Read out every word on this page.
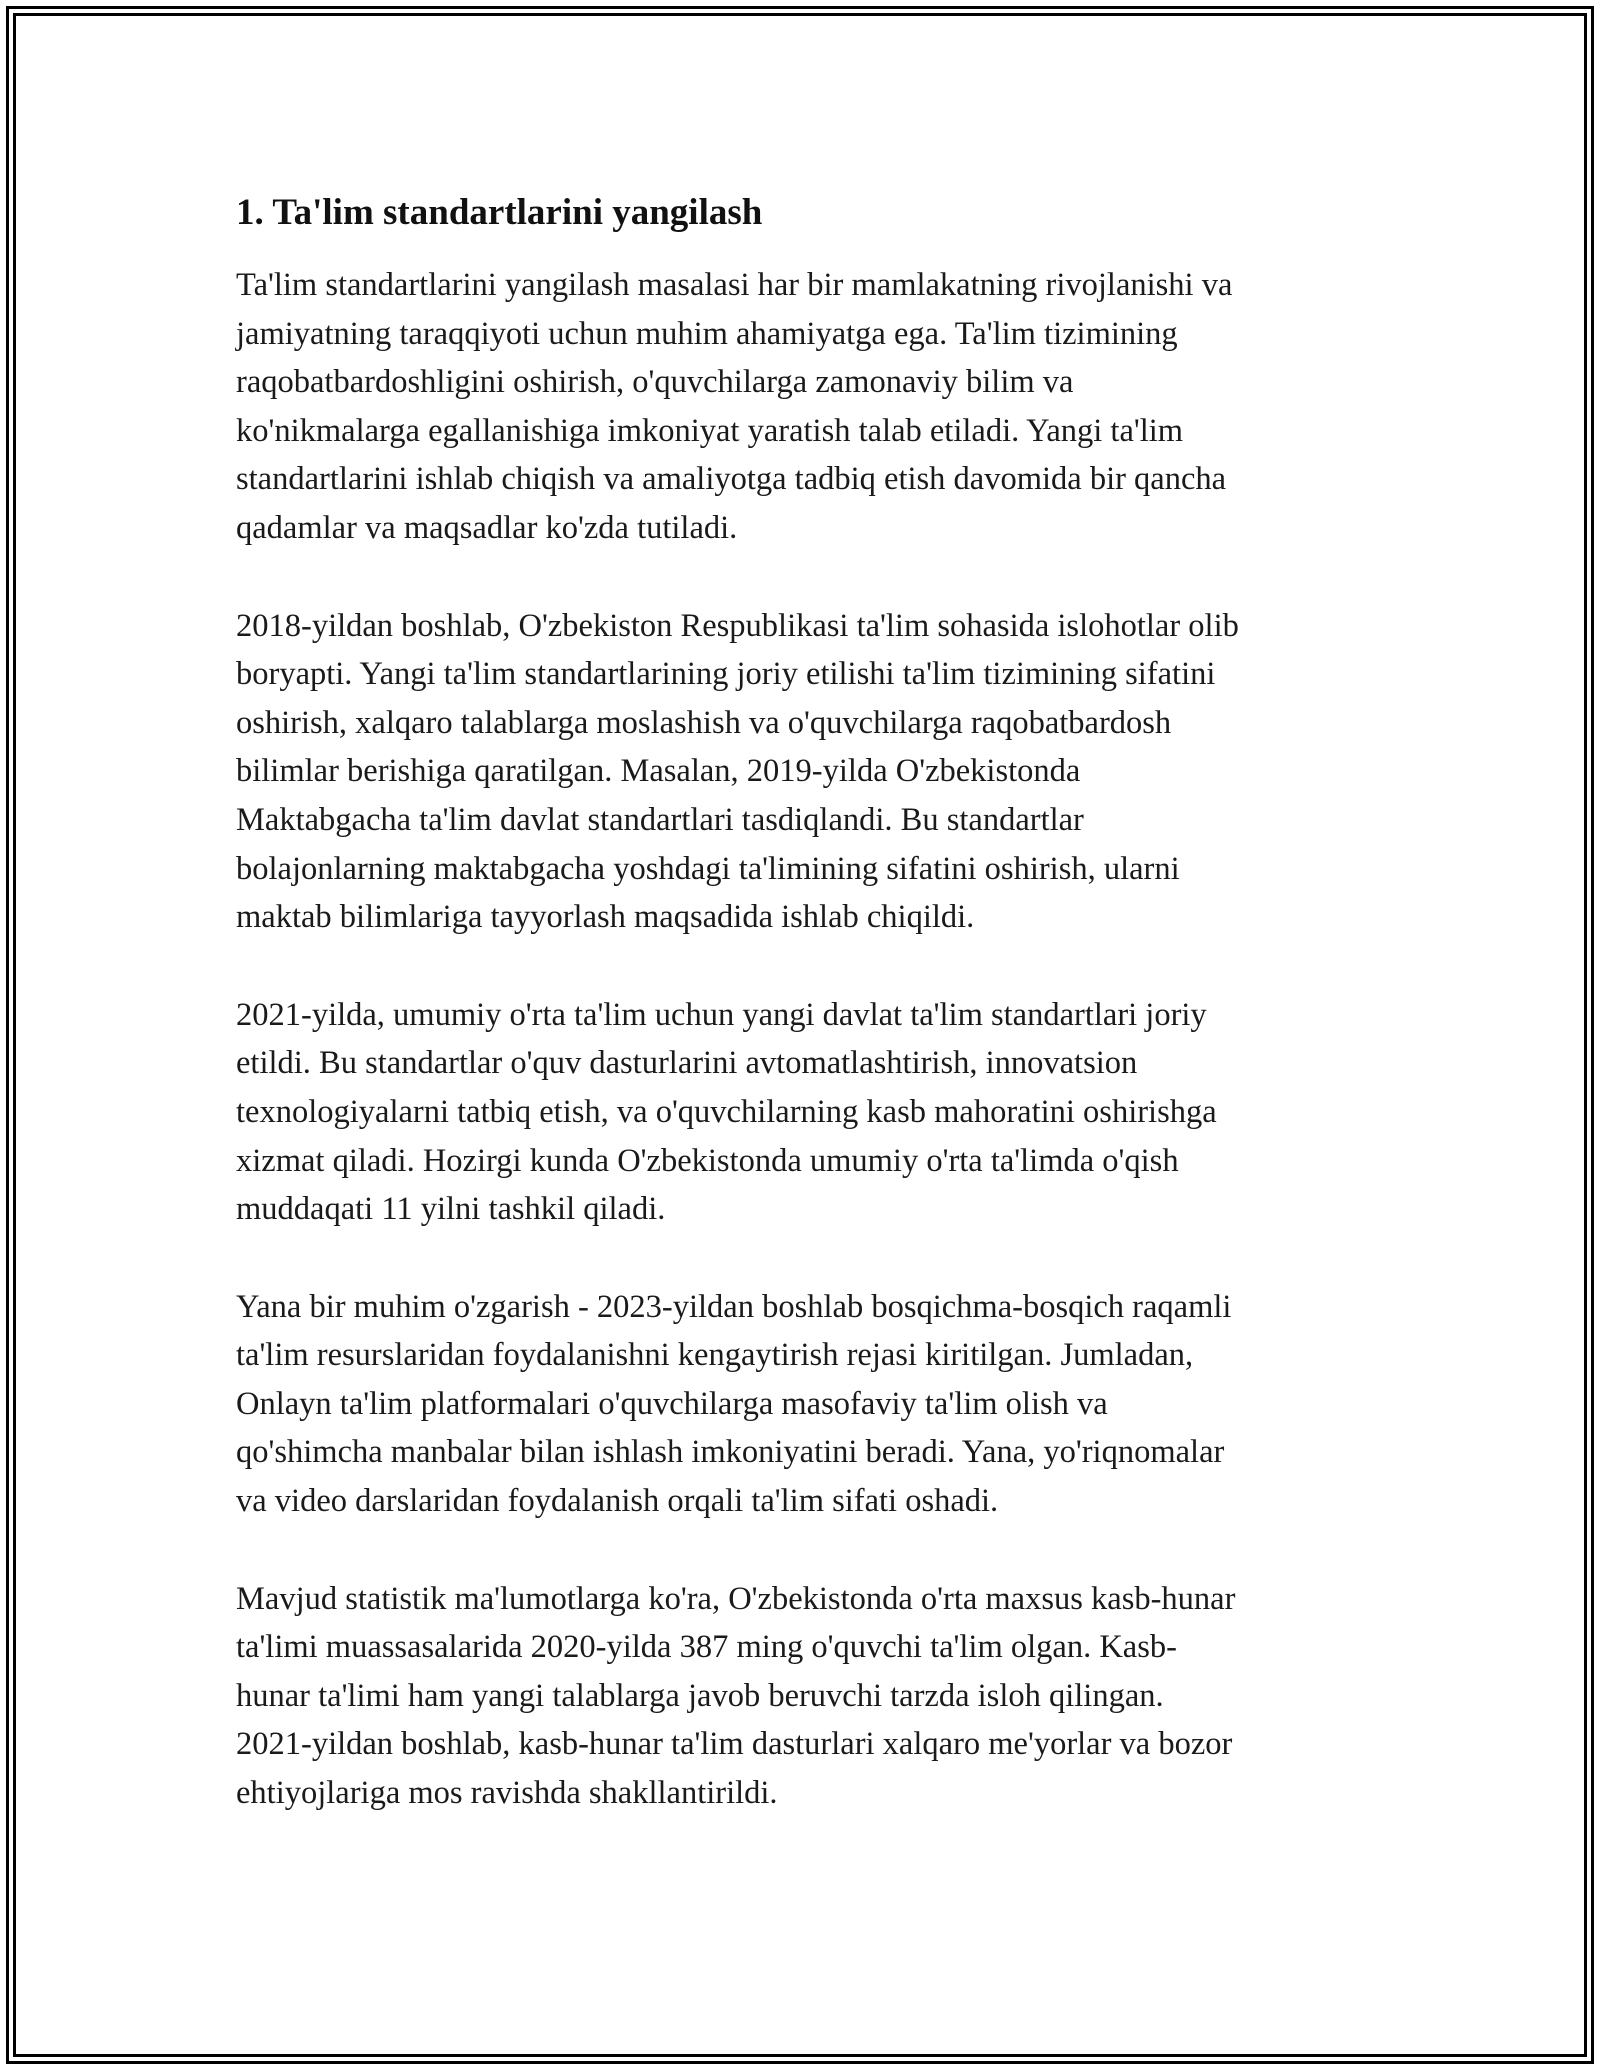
1. Ta'lim standartlarini yangilash
Ta'lim standartlarini yangilash masalasi har bir mamlakatning rivojlanishi va
jamiyatning taraqqiyoti uchun muhim ahamiyatga ega. Ta'lim tizimining
raqobatbardoshligini oshirish, o'quvchilarga zamonaviy bilim va
ko'nikmalarga egallanishiga imkoniyat yaratish talab etiladi. Yangi ta'lim
standartlarini ishlab chiqish va amaliyotga tadbiq etish davomida bir qancha
qadamlar va maqsadlar ko'zda tutiladi.
2018-yildan boshlab, O'zbekiston Respublikasi ta'lim sohasida islohotlar olib
boryapti. Yangi ta'lim standartlarining joriy etilishi ta'lim tizimining sifatini
oshirish, xalqaro talablarga moslashish va o'quvchilarga raqobatbardosh
bilimlar berishiga qaratilgan. Masalan, 2019-yilda O'zbekistonda
Maktabgacha ta'lim davlat standartlari tasdiqlandi. Bu standartlar
bolajonlarning maktabgacha yoshdagi ta'limining sifatini oshirish, ularni
maktab bilimlariga tayyorlash maqsadida ishlab chiqildi.
2021-yilda, umumiy o'rta ta'lim uchun yangi davlat ta'lim standartlari joriy
etildi. Bu standartlar o'quv dasturlarini avtomatlashtirish, innovatsion
texnologiyalarni tatbiq etish, va o'quvchilarning kasb mahoratini oshirishga
xizmat qiladi. Hozirgi kunda O'zbekistonda umumiy o'rta ta'limda o'qish
muddaqati 11 yilni tashkil qiladi.
Yana bir muhim o'zgarish - 2023-yildan boshlab bosqichma-bosqich raqamli
ta'lim resurslaridan foydalanishni kengaytirish rejasi kiritilgan. Jumladan,
Onlayn ta'lim platformalari o'quvchilarga masofaviy ta'lim olish va
qo'shimcha manbalar bilan ishlash imkoniyatini beradi. Yana, yo'riqnomalar
va video darslaridan foydalanish orqali ta'lim sifati oshadi.
Mavjud statistik ma'lumotlarga ko'ra, O'zbekistonda o'rta maxsus kasb-hunar
ta'limi muassasalarida 2020-yilda 387 ming o'quvchi ta'lim olgan. Kasb-
hunar ta'limi ham yangi talablarga javob beruvchi tarzda isloh qilingan.
2021-yildan boshlab, kasb-hunar ta'lim dasturlari xalqaro me'yorlar va bozor
ehtiyojlariga mos ravishda shakllantirildi.
